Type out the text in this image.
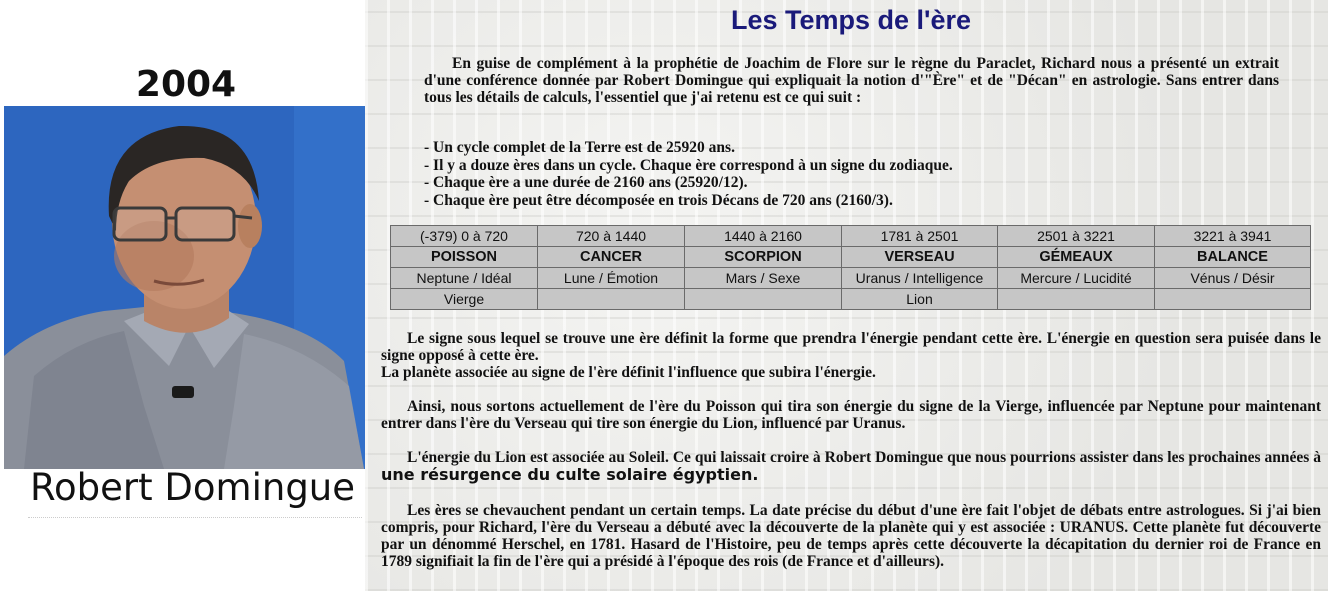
2004
Robert Domingue
Les Temps de l'ère

En guise de complément à la prophétie de Joachim de Flore sur le règne du Paraclet, Richard nous a présenté un extrait d'une conférence donnée par Robert Domingue qui expliquait la notion d'"Ère" et de "Décan" en astrologie. Sans entrer dans tous les détails de calculs, l'essentiel que j'ai retenu est ce qui suit :

- Un cycle complet de la Terre est de 25920 ans.
- Il y a douze ères dans un cycle. Chaque ère correspond à un signe du zodiaque.
- Chaque ère a une durée de 2160 ans (25920/12).
- Chaque ère peut être décomposée en trois Décans de 720 ans (2160/3).
(-379) 0 à 720	720 à 1440	1440 à 2160	1781 à 2501	2501 à 3221	3221 à 3941
POISSON	CANCER	SCORPION	VERSEAU	GÉMEAUX	BALANCE
Neptune / Idéal	Lune / Émotion	Mars / Sexe	Uranus / Intelligence	Mercure / Lucidité	Vénus / Désir
Vierge			Lion		

Le signe sous lequel se trouve une ère définit la forme que prendra l'énergie pendant cette ère. L'énergie en question sera puisée dans le signe opposé à cette ère.
La planète associée au signe de l'ère définit l'influence que subira l'énergie.

Ainsi, nous sortons actuellement de l'ère du Poisson qui tira son énergie du signe de la Vierge, influencée par Neptune pour maintenant entrer dans l'ère du Verseau qui tire son énergie du Lion, influencé par Uranus.

L'énergie du Lion est associée au Soleil. Ce qui laissait croire à Robert Domingue que nous pourrions assister dans les prochaines années à une résurgence du culte solaire égyptien.

Les ères se chevauchent pendant un certain temps. La date précise du début d'une ère fait l'objet de débats entre astrologues. Si j'ai bien compris, pour Richard, l'ère du Verseau a débuté avec la découverte de la planète qui y est associée : URANUS. Cette planète fut découverte par un dénommé Herschel, en 1781. Hasard de l'Histoire, peu de temps après cette découverte la décapitation du dernier roi de France en 1789 signifiait la fin de l'ère qui a présidé à l'époque des rois (de France et d'ailleurs).
